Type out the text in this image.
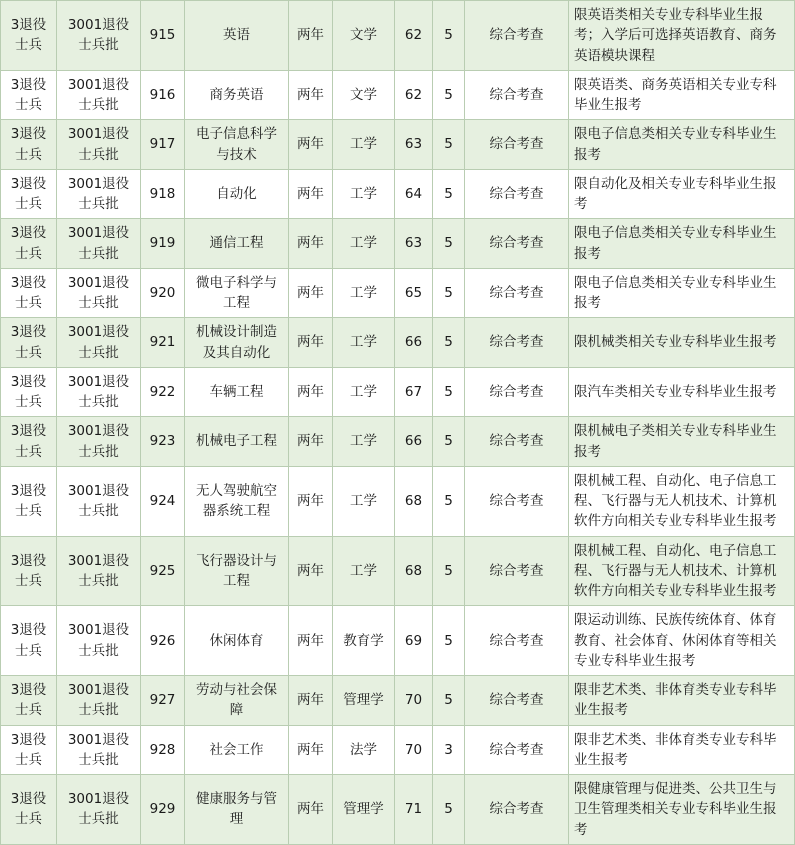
3退役士兵	3001退役士兵批	915	英语	两年	文学	62	5	综合考查	限英语类相关专业专科毕业生报考；入学后可选择英语教育、商务英语模块课程
3退役士兵	3001退役士兵批	916	商务英语	两年	文学	62	5	综合考查	限英语类、商务英语相关专业专科毕业生报考
3退役士兵	3001退役士兵批	917	电子信息科学与技术	两年	工学	63	5	综合考查	限电子信息类相关专业专科毕业生报考
3退役士兵	3001退役士兵批	918	自动化	两年	工学	64	5	综合考查	限自动化及相关专业专科毕业生报考
3退役士兵	3001退役士兵批	919	通信工程	两年	工学	63	5	综合考查	限电子信息类相关专业专科毕业生报考
3退役士兵	3001退役士兵批	920	微电子科学与工程	两年	工学	65	5	综合考查	限电子信息类相关专业专科毕业生报考
3退役士兵	3001退役士兵批	921	机械设计制造及其自动化	两年	工学	66	5	综合考查	限机械类相关专业专科毕业生报考
3退役士兵	3001退役士兵批	922	车辆工程	两年	工学	67	5	综合考查	限汽车类相关专业专科毕业生报考
3退役士兵	3001退役士兵批	923	机械电子工程	两年	工学	66	5	综合考查	限机械电子类相关专业专科毕业生报考
3退役士兵	3001退役士兵批	924	无人驾驶航空器系统工程	两年	工学	68	5	综合考查	限机械工程、自动化、电子信息工程、飞行器与无人机技术、计算机软件方向相关专业专科毕业生报考
3退役士兵	3001退役士兵批	925	飞行器设计与工程	两年	工学	68	5	综合考查	限机械工程、自动化、电子信息工程、飞行器与无人机技术、计算机软件方向相关专业专科毕业生报考
3退役士兵	3001退役士兵批	926	休闲体育	两年	教育学	69	5	综合考查	限运动训练、民族传统体育、体育教育、社会体育、休闲体育等相关专业专科毕业生报考
3退役士兵	3001退役士兵批	927	劳动与社会保障	两年	管理学	70	5	综合考查	限非艺术类、非体育类专业专科毕业生报考
3退役士兵	3001退役士兵批	928	社会工作	两年	法学	70	3	综合考查	限非艺术类、非体育类专业专科毕业生报考
3退役士兵	3001退役士兵批	929	健康服务与管理	两年	管理学	71	5	综合考查	限健康管理与促进类、公共卫生与卫生管理类相关专业专科毕业生报考
